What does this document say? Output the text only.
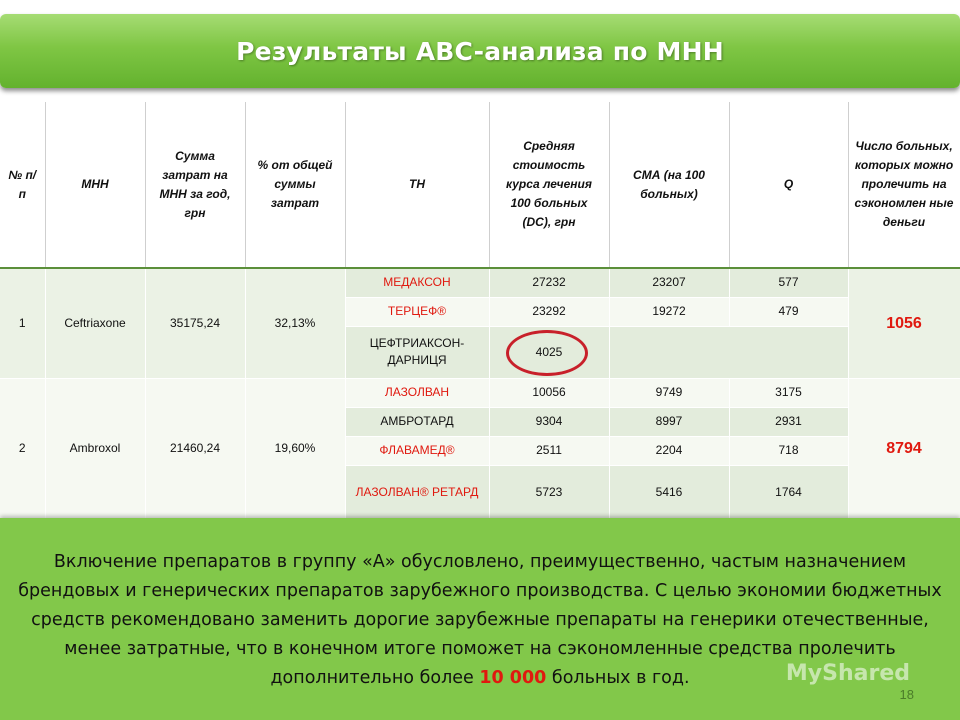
Результаты ABC-анализа по МНН
№ п/п	МНН	Сумма затрат на МНН за год, грн	% от общей суммы затрат	ТН	Средняя стоимость курса лечения 100 больных (DC), грн	СМА (на 100 больных)	Q	Число больных, которых можно пролечить на сэкономлен ные деньги
1	Ceftriaxone	35175,24	32,13%	МЕДАКСОН	27232	23207	577	1056
				ТЕРЦЕФ®	23292	19272	479	
				ЦЕФТРИАКСОН-ДАРНИЦЯ	4025			
2	Ambroxol	21460,24	19,60%	ЛАЗОЛВАН	10056	9749	3175	8794
				АМБРОТАРД	9304	8997	2931	
				ФЛАВАМЕД®	2511	2204	718	
				ЛАЗОЛВАН® РЕТАРД	5723	5416	1764	

Включение препаратов в группу «А» обусловлено, преимущественно, частым назначением брендовых и генерических препаратов зарубежного производства. С целью экономии бюджетных средств рекомендовано заменить дорогие зарубежные препараты на генерики отечественные, менее затратные, что в конечном итоге поможет на сэкономленные средства пролечить дополнительно более 10 000 больных в год.	MyShared
18
